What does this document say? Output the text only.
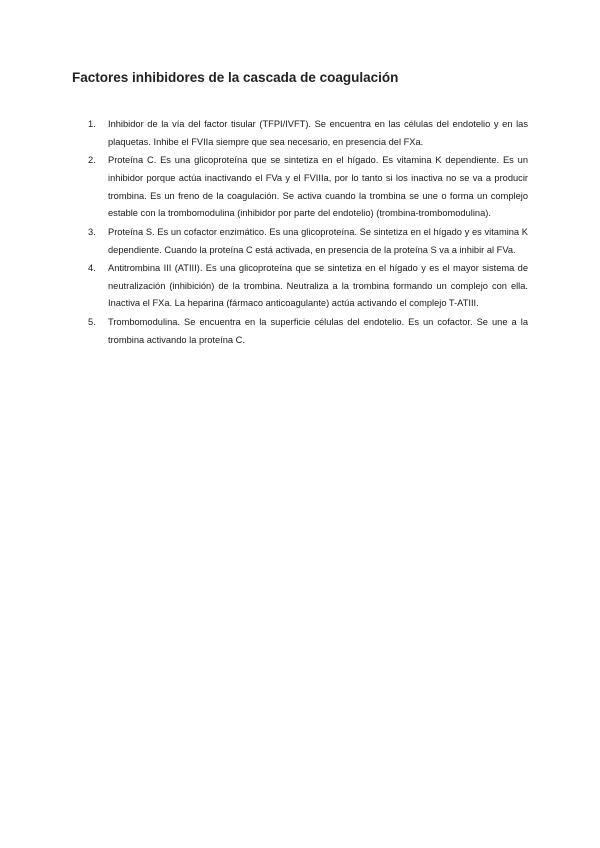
Factores inhibidores de la cascada de coagulación
1.	Inhibidor de la vía del factor tisular (TFPI/IVFT). Se encuentra en las células del endotelio y en las plaquetas. Inhibe el FVIIa siempre que sea necesario, en presencia del FXa.
2.	Proteína C. Es una glicoproteína que se sintetiza en el hígado. Es vitamina K dependiente. Es un inhibidor porque actúa inactivando el FVa y el FVIIIa, por lo tanto si los inactiva no se va a producir trombina. Es un freno de la coagulación. Se activa cuando la trombina se une o forma un complejo estable con la trombomodulina (inhibidor por parte del endotelio) (trombina-trombomodulina).
3.	Proteína S. Es un cofactor enzimático. Es una glicoproteína. Se sintetiza en el hígado y es vitamina K dependiente. Cuando la proteína C está activada, en presencia de la proteína S va a inhibir al FVa.
4.	Antitrombina III (ATIII). Es una glicoproteína que se sintetiza en el hígado y es el mayor sistema de neutralización (inhibición) de la trombina. Neutraliza a la trombina formando un complejo con ella. Inactiva el FXa. La heparina (fármaco anticoagulante) actúa activando el complejo T-ATIII.
5.	Trombomodulina. Se encuentra en la superficie células del endotelio. Es un cofactor. Se une a la trombina activando la proteína C.
